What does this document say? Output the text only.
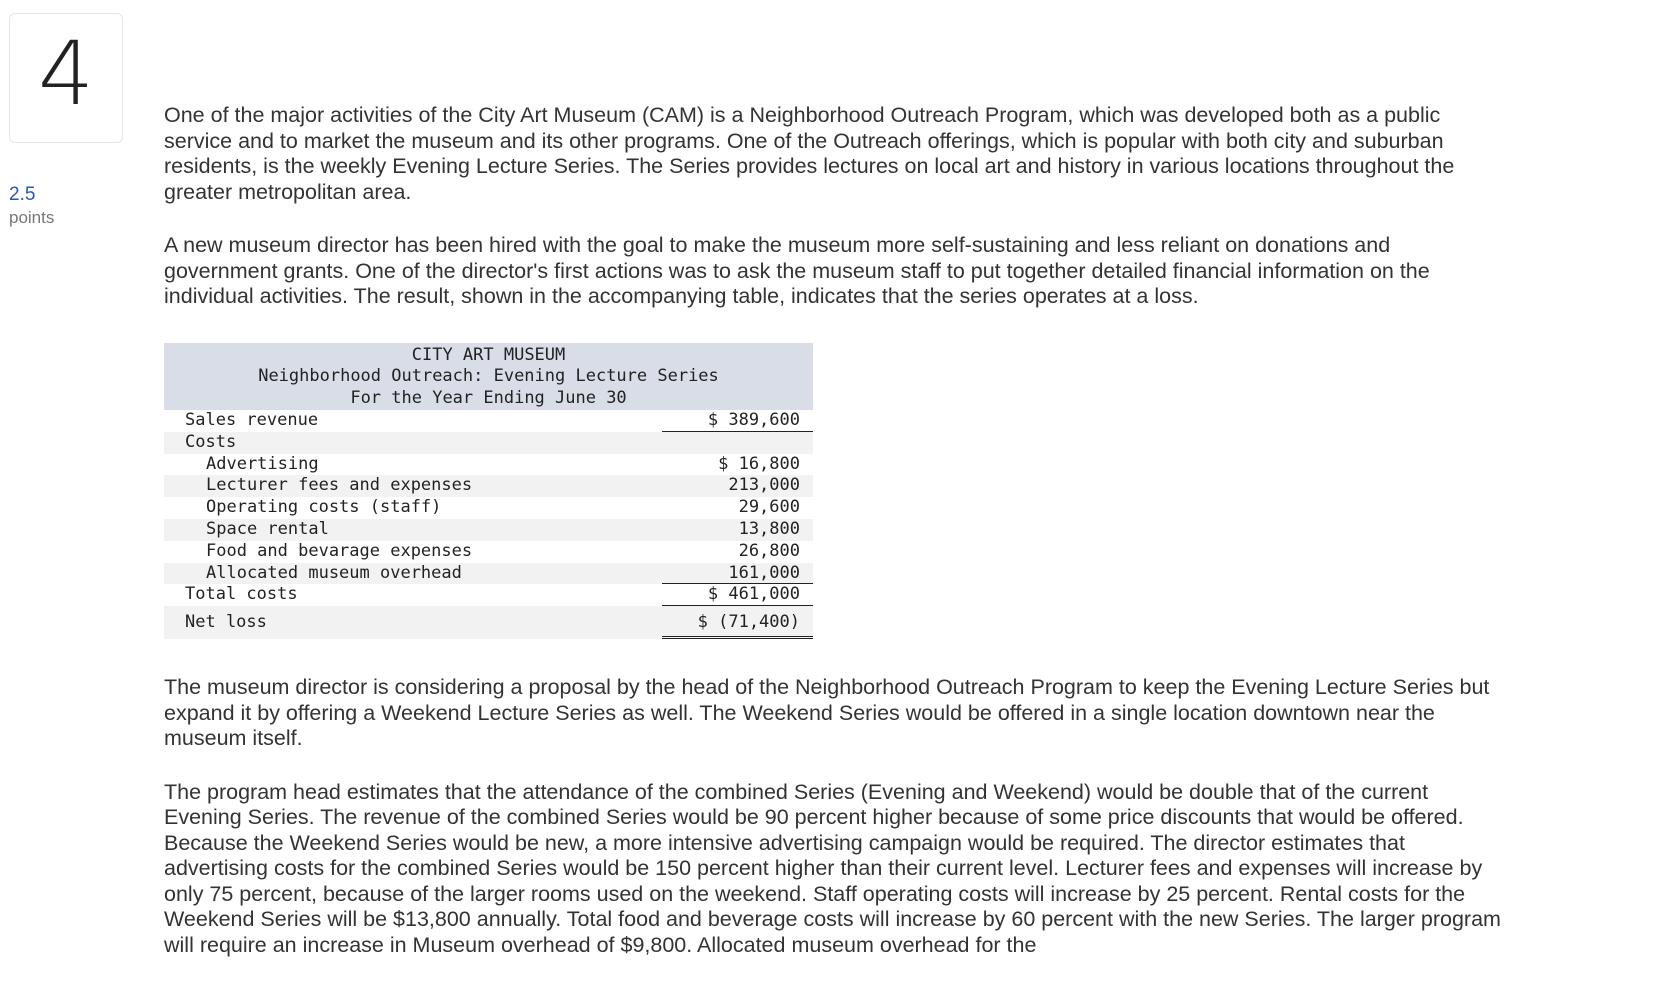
4
2.5
points

One of the major activities of the City Art Museum (CAM) is a Neighborhood Outreach Program, which was developed both as a public service and to market the museum and its other programs. One of the Outreach offerings, which is popular with both city and suburban residents, is the weekly Evening Lecture Series. The Series provides lectures on local art and history in various locations throughout the greater metropolitan area.

A new museum director has been hired with the goal to make the museum more self-sustaining and less reliant on donations and government grants. One of the director's first actions was to ask the museum staff to put together detailed financial information on the individual activities. The result, shown in the accompanying table, indicates that the series operates at a loss.

CITY ART MUSEUM
Neighborhood Outreach: Evening Lecture Series
For the Year Ending June 30
Sales revenue	$ 389,600
Costs
Advertising	$ 16,800
Lecturer fees and expenses	213,000
Operating costs (staff)	29,600
Space rental	13,800
Food and bevarage expenses	26,800
Allocated museum overhead	161,000
Total costs	$ 461,000
Net loss	$ (71,400)

The museum director is considering a proposal by the head of the Neighborhood Outreach Program to keep the Evening Lecture Series but expand it by offering a Weekend Lecture Series as well. The Weekend Series would be offered in a single location downtown near the museum itself.

The program head estimates that the attendance of the combined Series (Evening and Weekend) would be double that of the current Evening Series. The revenue of the combined Series would be 90 percent higher because of some price discounts that would be offered. Because the Weekend Series would be new, a more intensive advertising campaign would be required. The director estimates that advertising costs for the combined Series would be 150 percent higher than their current level. Lecturer fees and expenses will increase by only 75 percent, because of the larger rooms used on the weekend. Staff operating costs will increase by 25 percent. Rental costs for the Weekend Series will be $13,800 annually. Total food and beverage costs will increase by 60 percent with the new Series. The larger program will require an increase in Museum overhead of $9,800. Allocated museum overhead for the
